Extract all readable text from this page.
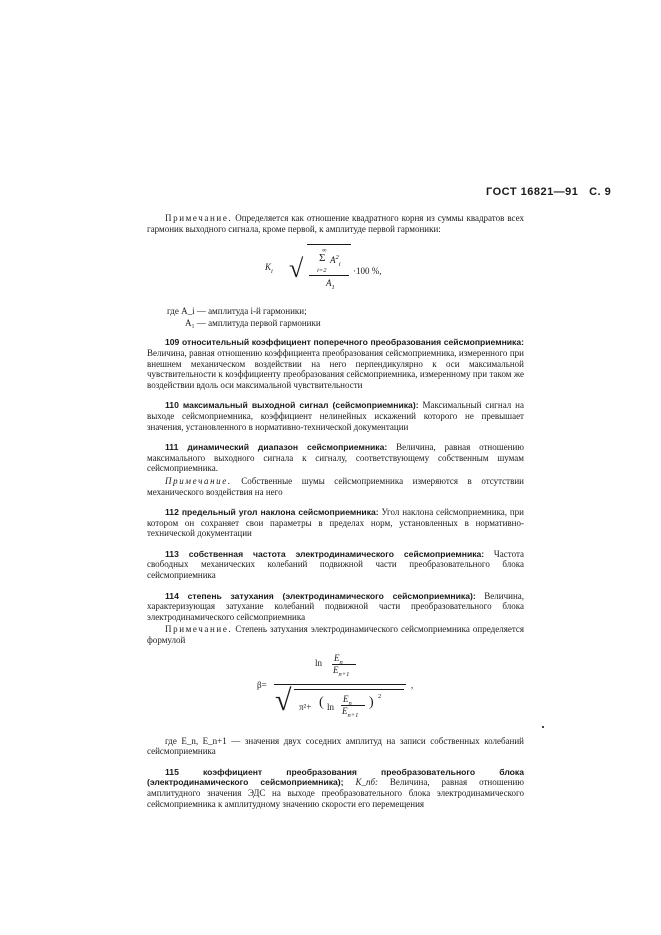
ГОСТ 16821—91 С. 9

Примечание. Определяется как отношение квадратного корня из суммы квадратов всех гармоник выходного сигнала, кроме первой, к амплитуде первой гармоники:

$K_i$ √
∞
Σ $A^2_i$
i=2
$A_1$
·100 %,

где A_i — амплитуда i-й гармоники;

A₁ — амплитуда первой гармоники

109 относительный коэффициент поперечного преобразования сейсмоприемника: Величина, равная отношению коэффициента преобразования сейсмоприемника, измеренного при внешнем механическом воздействии на него перпендикулярно к оси максимальной чувствительности к коэффициенту преобразования сейсмоприемника, измеренному при таком же воздействии вдоль оси максимальной чувствительности

110 максимальный выходной сигнал (сейсмоприемника): Максимальный сигнал на выходе сейсмоприемника, коэффициент нелинейных искажений которого не превышает значения, установленного в нормативно-технической документации

111 динамический диапазон сейсмоприемника: Величина, равная отношению максимального выходного сигнала к сигналу, соответствующему собственным шумам сейсмоприемника.

Примечание. Собственные шумы сейсмоприемника измеряются в отсутствии механического воздействия на него

112 предельный угол наклона сейсмоприемника: Угол наклона сейсмоприемника, при котором он сохраняет свои параметры в пределах норм, установленных в нормативно-технической документации

113 собственная частота электродинамического сейсмоприемника: Частота свободных механических колебаний подвижной части преобразовательного блока сейсмоприемника

114 степень затухания (электродинамического сейсмоприемника): Величина, характеризующая затухание колебаний подвижной части преобразовательного блока электродинамического сейсмоприемника

Примечание. Степень затухания электродинамического сейсмоприемника определяется формулой

β=
$\ln E_n$
$E_{n+1}$
√ π²+ ( ln
$E_n$
$E_{n+1}$
) 2
,

где E_n, E_n+1 — значения двух соседних амплитуд на записи собственных колебаний сейсмоприемника

115 коэффициент преобразования преобразовательного блока (электродинамического сейсмоприемника); K_пб: Величина, равная отношению амплитудного значения ЭДС на выходе преобразовательного блока электродинамического сейсмоприемника к амплитудному значению скорости его перемещения
